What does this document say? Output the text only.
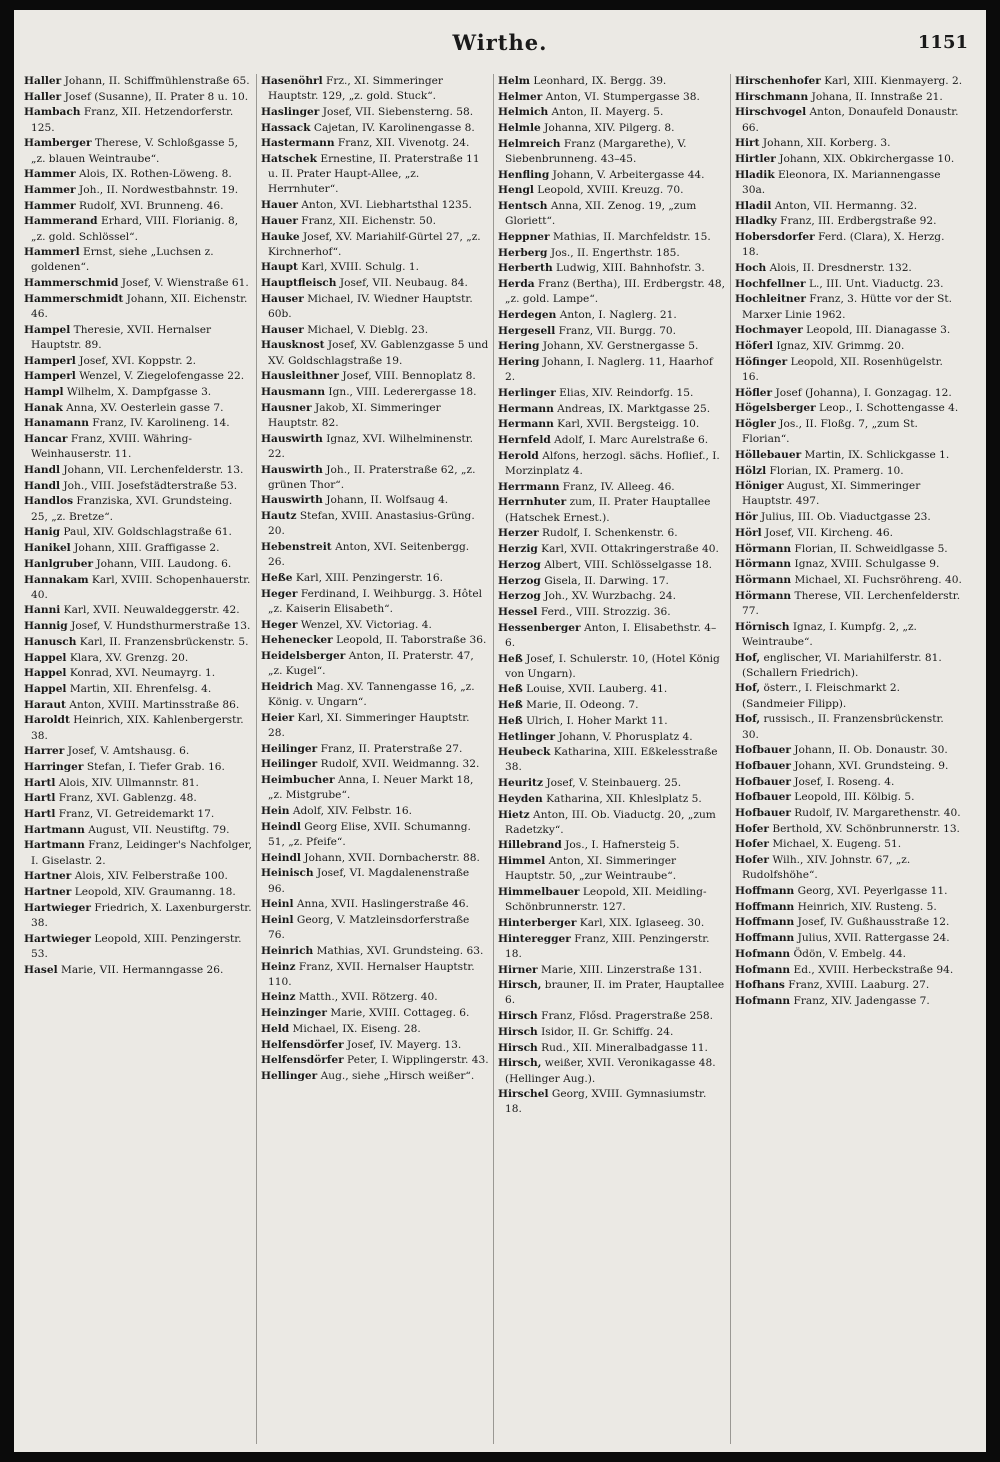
Wirthe.	1151
Haller Johann, II. Schiffmühlenstraße 65.
Haller Josef (Susanne), II. Prater 8 u. 10.
Hambach Franz, XII. Hetzendorferstr. 125.
Hamberger Therese, V. Schloßgasse 5, „z. blauen Weintraube“.
Hammer Alois, IX. Rothen-Löweng. 8.
Hammer Joh., II. Nordwestbahnstr. 19.
Hammer Rudolf, XVI. Brunneng. 46.
Hammerand Erhard, VIII. Florianig. 8, „z. gold. Schlössel“.
Hammerl Ernst, siehe „Luchsen z. goldenen“.
Hammerschmid Josef, V. Wienstraße 61.
Hammerschmidt Johann, XII. Eichenstr. 46.
Hampel Theresie, XVII. Hernalser Hauptstr. 89.
Hamperl Josef, XVI. Koppstr. 2.
Hamperl Wenzel, V. Ziegelofengasse 22.
Hampl Wilhelm, X. Dampfgasse 3.
Hanak Anna, XV. Oesterlein gasse 7.
Hanamann Franz, IV. Karolineng. 14.
Hancar Franz, XVIII. Währing-Weinhauserstr. 11.
Handl Johann, VII. Lerchenfelderstr. 13.
Handl Joh., VIII. Josefstädterstraße 53.
Handlos Franziska, XVI. Grundsteing. 25, „z. Bretze“.
Hanig Paul, XIV. Goldschlagstraße 61.
Hanikel Johann, XIII. Graffigasse 2.
Hanlgruber Johann, VIII. Laudong. 6.
Hannakam Karl, XVIII. Schopenhauerstr. 40.
Hanni Karl, XVII. Neuwaldeggerstr. 42.
Hannig Josef, V. Hundsthurmerstraße 13.
Hanusch Karl, II. Franzensbrückenstr. 5.
Happel Klara, XV. Grenzg. 20.
Happel Konrad, XVI. Neumayrg. 1.
Happel Martin, XII. Ehrenfelsg. 4.
Haraut Anton, XVIII. Martinsstraße 86.
Haroldt Heinrich, XIX. Kahlenbergerstr. 38.
Harrer Josef, V. Amtshausg. 6.
Harringer Stefan, I. Tiefer Grab. 16.
Hartl Alois, XIV. Ullmannstr. 81.
Hartl Franz, XVI. Gablenzg. 48.
Hartl Franz, VI. Getreidemarkt 17.
Hartmann August, VII. Neustiftg. 79.
Hartmann Franz, Leidinger's Nachfolger, I. Giselastr. 2.
Hartner Alois, XIV. Felberstraße 100.
Hartner Leopold, XIV. Graumanng. 18.
Hartwieger Friedrich, X. Laxenburgerstr. 38.
Hartwieger Leopold, XIII. Penzingerstr. 53.
Hasel Marie, VII. Hermanngasse 26.
Hasenöhrl Frz., XI. Simmeringer Hauptstr. 129, „z. gold. Stuck“.
Haslinger Josef, VII. Siebensterng. 58.
Hassack Cajetan, IV. Karolinengasse 8.
Hastermann Franz, XII. Vivenotg. 24.
Hatschek Ernestine, II. Praterstraße 11 u. II. Prater Haupt-Allee, „z. Herrnhuter“.
Hauer Anton, XVI. Liebhartsthal 1235.
Hauer Franz, XII. Eichenstr. 50.
Hauke Josef, XV. Mariahilf-Gürtel 27, „z. Kirchnerhof“.
Haupt Karl, XVIII. Schulg. 1.
Hauptfleisch Josef, VII. Neubaug. 84.
Hauser Michael, IV. Wiedner Hauptstr. 60b.
Hauser Michael, V. Dieblg. 23.
Hausknost Josef, XV. Gablenzgasse 5 und XV. Goldschlagstraße 19.
Hausleithner Josef, VIII. Bennoplatz 8.
Hausmann Ign., VIII. Lederergasse 18.
Hausner Jakob, XI. Simmeringer Hauptstr. 82.
Hauswirth Ignaz, XVI. Wilhelminenstr. 22.
Hauswirth Joh., II. Praterstraße 62, „z. grünen Thor“.
Hauswirth Johann, II. Wolfsaug 4.
Hautz Stefan, XVIII. Anastasius-Grüng. 20.
Hebenstreit Anton, XVI. Seitenbergg. 26.
Heße Karl, XIII. Penzingerstr. 16.
Heger Ferdinand, I. Weihburgg. 3. Hôtel „z. Kaiserin Elisabeth“.
Heger Wenzel, XV. Victoriag. 4.
Hehenecker Leopold, II. Taborstraße 36.
Heidelsberger Anton, II. Praterstr. 47, „z. Kugel“.
Heidrich Mag. XV. Tannengasse 16, „z. König. v. Ungarn“.
Heier Karl, XI. Simmeringer Hauptstr. 28.
Heilinger Franz, II. Praterstraße 27.
Heilinger Rudolf, XVII. Weidmanng. 32.
Heimbucher Anna, I. Neuer Markt 18, „z. Mistgrube“.
Hein Adolf, XIV. Felbstr. 16.
Heindl Georg Elise, XVII. Schumanng. 51, „z. Pfeife“.
Heindl Johann, XVII. Dornbacherstr. 88.
Heinisch Josef, VI. Magdalenenstraße 96.
Heinl Anna, XVII. Haslingerstraße 46.
Heinl Georg, V. Matzleinsdorferstraße 76.
Heinrich Mathias, XVI. Grundsteing. 63.
Heinz Franz, XVII. Hernalser Hauptstr. 110.
Heinz Matth., XVII. Rötzerg. 40.
Heinzinger Marie, XVIII. Cottageg. 6.
Held Michael, IX. Eiseng. 28.
Helfensdörfer Josef, IV. Mayerg. 13.
Helfensdörfer Peter, I. Wipplingerstr. 43.
Hellinger Aug., siehe „Hirsch weißer“.
Helm Leonhard, IX. Bergg. 39.
Helmer Anton, VI. Stumpergasse 38.
Helmich Anton, II. Mayerg. 5.
Helmle Johanna, XIV. Pilgerg. 8.
Helmreich Franz (Margarethe), V. Siebenbrunneng. 43–45.
Henfling Johann, V. Arbeitergasse 44.
Hengl Leopold, XVIII. Kreuzg. 70.
Hentsch Anna, XII. Zenog. 19, „zum Gloriett“.
Heppner Mathias, II. Marchfeldstr. 15.
Herberg Jos., II. Engerthstr. 185.
Herberth Ludwig, XIII. Bahnhofstr. 3.
Herda Franz (Bertha), III. Erdbergstr. 48, „z. gold. Lampe“.
Herdegen Anton, I. Naglerg. 21.
Hergesell Franz, VII. Burgg. 70.
Hering Johann, XV. Gerstnergasse 5.
Hering Johann, I. Naglerg. 11, Haarhof 2.
Herlinger Elias, XIV. Reindorfg. 15.
Hermann Andreas, IX. Marktgasse 25.
Hermann Karl, XVII. Bergsteigg. 10.
Hernfeld Adolf, I. Marc Aurelstraße 6.
Herold Alfons, herzogl. sächs. Hoflief., I. Morzinplatz 4.
Herrmann Franz, IV. Alleeg. 46.
Herrnhuter zum, II. Prater Hauptallee (Hatschek Ernest.).
Herzer Rudolf, I. Schenkenstr. 6.
Herzig Karl, XVII. Ottakringerstraße 40.
Herzog Albert, VIII. Schlösselgasse 18.
Herzog Gisela, II. Darwing. 17.
Herzog Joh., XV. Wurzbachg. 24.
Hessel Ferd., VIII. Strozzig. 36.
Hessenberger Anton, I. Elisabethstr. 4–6.
Heß Josef, I. Schulerstr. 10, (Hotel König von Ungarn).
Heß Louise, XVII. Lauberg. 41.
Heß Marie, II. Odeong. 7.
Heß Ulrich, I. Hoher Markt 11.
Hetlinger Johann, V. Phorusplatz 4.
Heubeck Katharina, XIII. Eßkelesstraße 38.
Heuritz Josef, V. Steinbauerg. 25.
Heyden Katharina, XII. Khleslplatz 5.
Hietz Anton, III. Ob. Viaductg. 20, „zum Radetzky“.
Hillebrand Jos., I. Hafnersteig 5.
Himmel Anton, XI. Simmeringer Hauptstr. 50, „zur Weintraube“.
Himmelbauer Leopold, XII. Meidling-Schönbrunnerstr. 127.
Hinterberger Karl, XIX. Iglaseeg. 30.
Hinteregger Franz, XIII. Penzingerstr. 18.
Hirner Marie, XIII. Linzerstraße 131.
Hirsch, brauner, II. im Prater, Hauptallee 6.
Hirsch Franz, Flősd. Pragerstraße 258.
Hirsch Isidor, II. Gr. Schiffg. 24.
Hirsch Rud., XII. Mineralbadgasse 11.
Hirsch, weißer, XVII. Veronikagasse 48. (Hellinger Aug.).
Hirschel Georg, XVIII. Gymnasiumstr. 18.
Hirschenhofer Karl, XIII. Kienmayerg. 2.
Hirschmann Johana, II. Innstraße 21.
Hirschvogel Anton, Donaufeld Donaustr. 66.
Hirt Johann, XII. Korberg. 3.
Hirtler Johann, XIX. Obkirchergasse 10.
Hladik Eleonora, IX. Mariannengasse 30a.
Hladil Anton, VII. Hermanng. 32.
Hladky Franz, III. Erdbergstraße 92.
Hobersdorfer Ferd. (Clara), X. Herzg. 18.
Hoch Alois, II. Dresdnerstr. 132.
Hochfellner L., III. Unt. Viaductg. 23.
Hochleitner Franz, 3. Hütte vor der St. Marxer Linie 1962.
Hochmayer Leopold, III. Dianagasse 3.
Höferl Ignaz, XIV. Grimmg. 20.
Höfinger Leopold, XII. Rosenhügelstr. 16.
Höfler Josef (Johanna), I. Gonzagag. 12.
Högelsberger Leop., I. Schottengasse 4.
Högler Jos., II. Floßg. 7, „zum St. Florian“.
Höllebauer Martin, IX. Schlickgasse 1.
Hölzl Florian, IX. Pramerg. 10.
Höniger August, XI. Simmeringer Hauptstr. 497.
Hör Julius, III. Ob. Viaductgasse 23.
Hörl Josef, VII. Kircheng. 46.
Hörmann Florian, II. Schweidlgasse 5.
Hörmann Ignaz, XVIII. Schulgasse 9.
Hörmann Michael, XI. Fuchsröhreng. 40.
Hörmann Therese, VII. Lerchenfelderstr. 77.
Hörnisch Ignaz, I. Kumpfg. 2, „z. Weintraube“.
Hof, englischer, VI. Mariahilferstr. 81. (Schallern Friedrich).
Hof, österr., I. Fleischmarkt 2. (Sandmeier Filipp).
Hof, russisch., II. Franzensbrückenstr. 30.
Hofbauer Johann, II. Ob. Donaustr. 30.
Hofbauer Johann, XVI. Grundsteing. 9.
Hofbauer Josef, I. Roseng. 4.
Hofbauer Leopold, III. Kölbig. 5.
Hofbauer Rudolf, IV. Margarethenstr. 40.
Hofer Berthold, XV. Schönbrunnerstr. 13.
Hofer Michael, X. Eugeng. 51.
Hofer Wilh., XIV. Johnstr. 67, „z. Rudolfshöhe“.
Hoffmann Georg, XVI. Peyerlgasse 11.
Hoffmann Heinrich, XIV. Rusteng. 5.
Hoffmann Josef, IV. Gußhausstraße 12.
Hoffmann Julius, XVII. Rattergasse 24.
Hofmann Ödön, V. Embelg. 44.
Hofmann Ed., XVIII. Herbeckstraße 94.
Hofhans Franz, XVIII. Laaburg. 27.
Hofmann Franz, XIV. Jadengasse 7.
